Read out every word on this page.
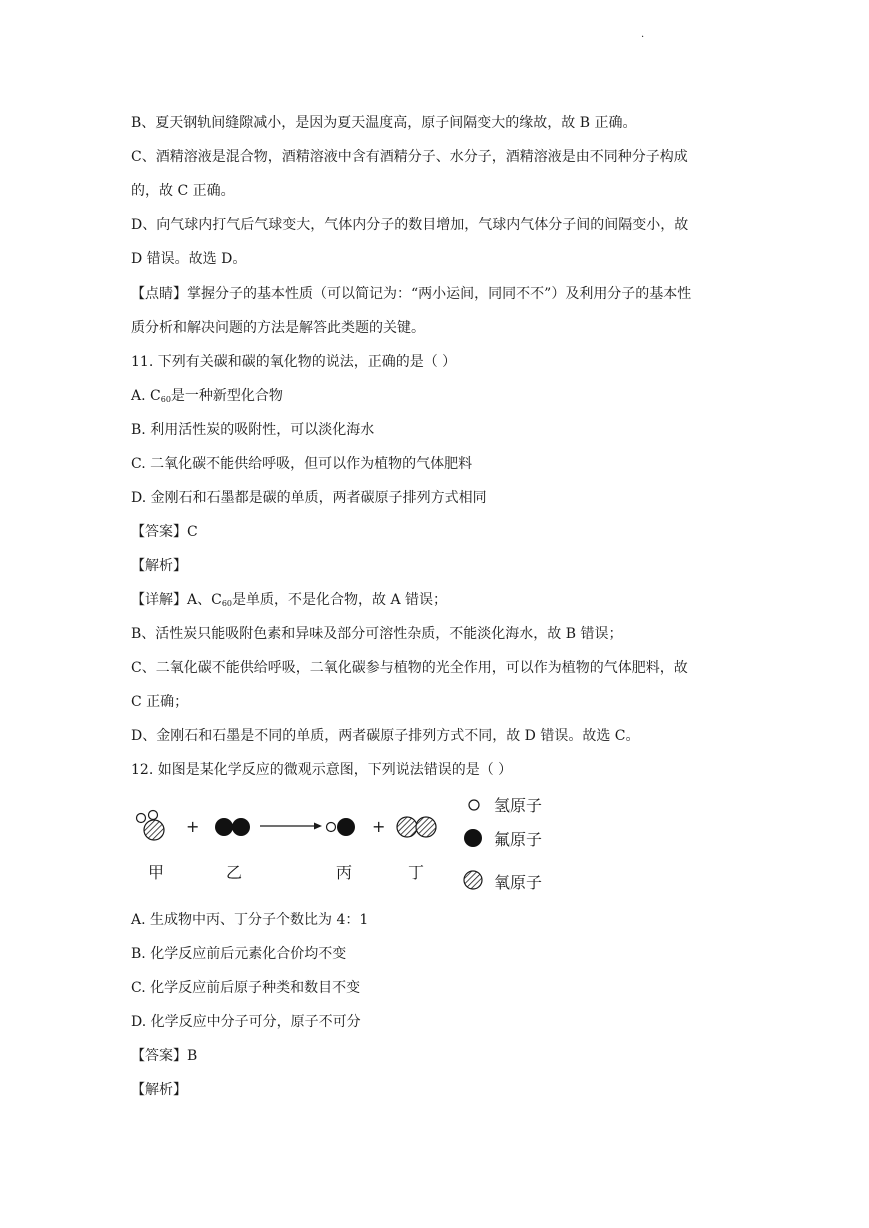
.
B、夏天钢轨间缝隙减小，是因为夏天温度高，原子间隔变大的缘故，故 B 正确。
C、酒精溶液是混合物，酒精溶液中含有酒精分子、水分子，酒精溶液是由不同种分子构成
的，故 C 正确。
D、向气球内打气后气球变大，气体内分子的数目增加，气球内气体分子间的间隔变小，故
D 错误。故选 D。
【点睛】掌握分子的基本性质（可以简记为：“两小运间，同同不不”）及利用分子的基本性
质分析和解决问题的方法是解答此类题的关键。
11. 下列有关碳和碳的氧化物的说法，正确的是（ ）
A. $C_{60}$是一种新型化合物
B. 利用活性炭的吸附性，可以淡化海水
C. 二氧化碳不能供给呼吸，但可以作为植物的气体肥料
D. 金刚石和石墨都是碳的单质，两者碳原子排列方式相同
【答案】C
【解析】
【详解】A、$C_{60}$是单质，不是化合物，故 A 错误；
B、活性炭只能吸附色素和异味及部分可溶性杂质，不能淡化海水，故 B 错误；
C、二氧化碳不能供给呼吸，二氧化碳参与植物的光全作用，可以作为植物的气体肥料，故
C 正确；
D、金刚石和石墨是不同的单质，两者碳原子排列方式不同，故 D 错误。故选 C。
12. 如图是某化学反应的微观示意图，下列说法错误的是（ ）
+	+
甲	乙	丙	丁
氢原子
氟原子
氧原子
A. 生成物中丙、丁分子个数比为 4：1
B. 化学反应前后元素化合价均不变
C. 化学反应前后原子种类和数目不变
D. 化学反应中分子可分，原子不可分
【答案】B
【解析】
